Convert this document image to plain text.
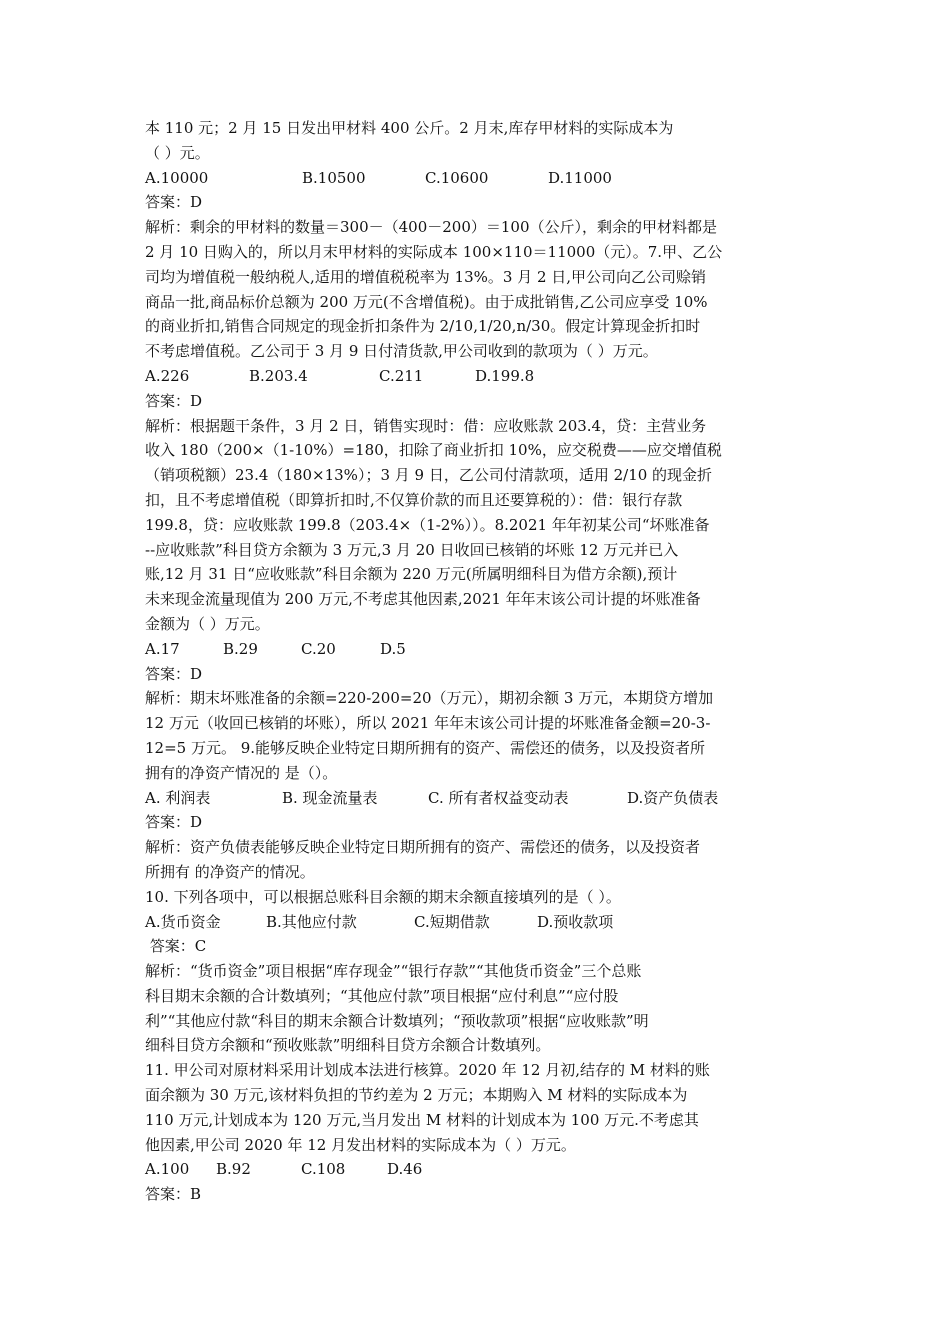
本 110 元；2 月 15 日发出甲材料 400 公斤。2 月末,库存甲材料的实际成本为
（ ）元。
A.10000	B.10500	C.10600	D.11000
答案：D
解析：剩余的甲材料的数量＝300－（400－200）＝100（公斤），剩余的甲材料都是
2 月 10 日购入的，所以月末甲材料的实际成本 100×110＝11000（元）。7.甲、乙公
司均为增值税一般纳税人,适用的增值税税率为 13%。3 月 2 日,甲公司向乙公司赊销
商品一批,商品标价总额为 200 万元(不含增值税)。由于成批销售,乙公司应享受 10%
的商业折扣,销售合同规定的现金折扣条件为 2/10,1/20,n/30。假定计算现金折扣时
不考虑增值税。乙公司于 3 月 9 日付清货款,甲公司收到的款项为（ ）万元。
A.226	B.203.4	C.211	D.199.8
答案：D
解析：根据题干条件，3 月 2 日，销售实现时：借：应收账款 203.4，贷：主营业务
收入 180（200×（1-10%）=180，扣除了商业折扣 10%，应交税费——应交增值税
（销项税额）23.4（180×13%）；3 月 9 日，乙公司付清款项，适用 2/10 的现金折
扣，且不考虑增值税（即算折扣时,不仅算价款的而且还要算税的）：借：银行存款
199.8，贷：应收账款 199.8（203.4×（1-2%））。8.2021 年年初某公司“坏账准备
--应收账款”科目贷方余额为 3 万元,3 月 20 日收回已核销的坏账 12 万元并已入
账,12 月 31 日“应收账款”科目余额为 220 万元(所属明细科目为借方余额),预计
未来现金流量现值为 200 万元,不考虑其他因素,2021 年年末该公司计提的坏账准备
金额为（ ）万元。
A.17	B.29	C.20	D.5
答案：D
解析：期末坏账准备的余额=220-200=20（万元），期初余额 3 万元，本期贷方增加
12 万元（收回已核销的坏账），所以 2021 年年末该公司计提的坏账准备金额=20-3-
12=5 万元。 9.能够反映企业特定日期所拥有的资产、需偿还的债务，以及投资者所
拥有的净资产情况的 是（）。
A. 利润表	B. 现金流量表	C. 所有者权益变动表	D.资产负债表
答案：D
解析：资产负债表能够反映企业特定日期所拥有的资产、需偿还的债务，以及投资者
所拥有 的净资产的情况。
10. 下列各项中，可以根据总账科目余额的期末余额直接填列的是（ ）。
A.货币资金	B.其他应付款	C.短期借款	D.预收款项
答案：C
解析：“货币资金”项目根据“库存现金”“银行存款”“其他货币资金”三个总账
科目期末余额的合计数填列；“其他应付款”项目根据“应付利息”“应付股
利”“其他应付款“科目的期末余额合计数填列；“预收款项”根据“应收账款”明
细科目贷方余额和“预收账款”明细科目贷方余额合计数填列。
11. 甲公司对原材料采用计划成本法进行核算。2020 年 12 月初,结存的 M 材料的账
面余额为 30 万元,该材料负担的节约差为 2 万元；本期购入 M 材料的实际成本为
110 万元,计划成本为 120 万元,当月发出 M 材料的计划成本为 100 万元.不考虑其
他因素,甲公司 2020 年 12 月发出材料的实际成本为（ ）万元。
A.100	B.92	C.108	D.46
答案：B
